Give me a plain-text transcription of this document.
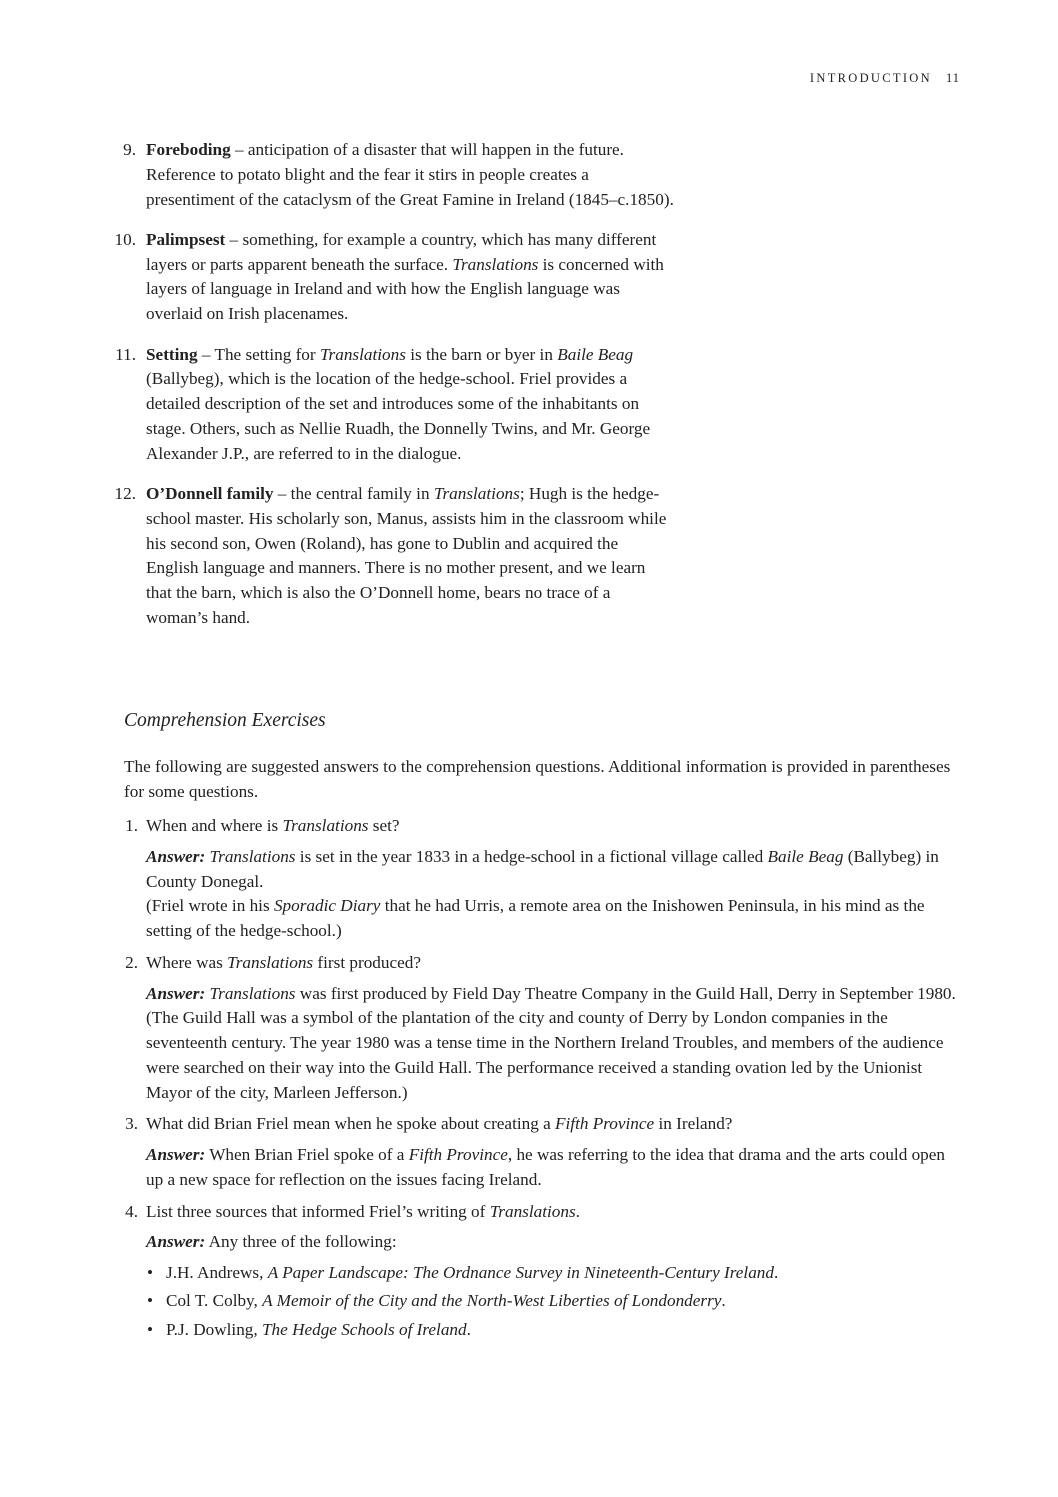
INTRODUCTION 11
9. Foreboding – anticipation of a disaster that will happen in the future. Reference to potato blight and the fear it stirs in people creates a presentiment of the cataclysm of the Great Famine in Ireland (1845–c.1850).

10. Palimpsest – something, for example a country, which has many different layers or parts apparent beneath the surface. Translations is concerned with layers of language in Ireland and with how the English language was overlaid on Irish placenames.

11. Setting – The setting for Translations is the barn or byer in Baile Beag (Ballybeg), which is the location of the hedge-school. Friel provides a detailed description of the set and introduces some of the inhabitants on stage. Others, such as Nellie Ruadh, the Donnelly Twins, and Mr. George Alexander J.P., are referred to in the dialogue.

12. O’Donnell family – the central family in Translations; Hugh is the hedge-school master. His scholarly son, Manus, assists him in the classroom while his second son, Owen (Roland), has gone to Dublin and acquired the English language and manners. There is no mother present, and we learn that the barn, which is also the O’Donnell home, bears no trace of a woman’s hand.

Comprehension Exercises

The following are suggested answers to the comprehension questions. Additional information is provided in parentheses for some questions.

1. When and where is Translations set?

Answer: Translations is set in the year 1833 in a hedge-school in a fictional village called Baile Beag (Ballybeg) in County Donegal.

(Friel wrote in his Sporadic Diary that he had Urris, a remote area on the Inishowen Peninsula, in his mind as the setting of the hedge-school.)

2. Where was Translations first produced?

Answer: Translations was first produced by Field Day Theatre Company in the Guild Hall, Derry in September 1980.

(The Guild Hall was a symbol of the plantation of the city and county of Derry by London companies in the seventeenth century. The year 1980 was a tense time in the Northern Ireland Troubles, and members of the audience were searched on their way into the Guild Hall. The performance received a standing ovation led by the Unionist Mayor of the city, Marleen Jefferson.)

3. What did Brian Friel mean when he spoke about creating a Fifth Province in Ireland?

Answer: When Brian Friel spoke of a Fifth Province, he was referring to the idea that drama and the arts could open up a new space for reflection on the issues facing Ireland.

4. List three sources that informed Friel’s writing of Translations.

Answer: Any three of the following:

• J.H. Andrews, A Paper Landscape: The Ordnance Survey in Nineteenth-Century Ireland.
• Col T. Colby, A Memoir of the City and the North-West Liberties of Londonderry.
• P.J. Dowling, The Hedge Schools of Ireland.
